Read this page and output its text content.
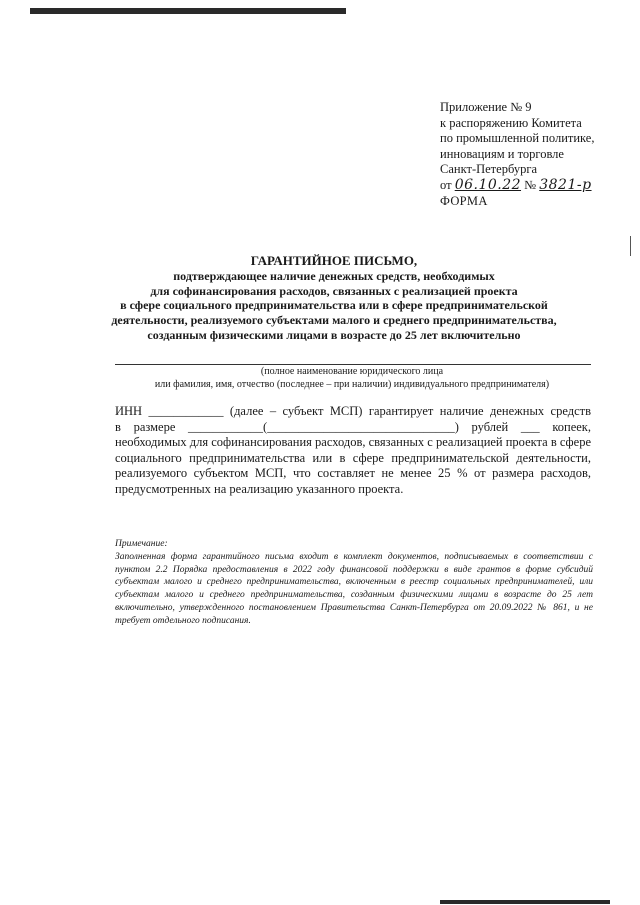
Приложение № 9
к распоряжению Комитета
по промышленной политике,
инновациям и торговле
Санкт-Петербурга
от 06.10.22 № 3821-р
ФОРМА
ГАРАНТИЙНОЕ ПИСЬМО,
подтверждающее наличие денежных средств, необходимых
для софинансирования расходов, связанных с реализацией проекта
в сфере социального предпринимательства или в сфере предпринимательской
деятельности, реализуемого субъектами малого и среднего предпринимательства,
созданным физическими лицами в возрасте до 25 лет включительно
(полное наименование юридического лица
или фамилия, имя, отчество (последнее – при наличии) индивидуального предпринимателя)
ИНН ____________ (далее – субъект МСП) гарантирует наличие денежных средств
в размере ____________(______________________________) рублей ___ копеек,
необходимых для софинансирования расходов, связанных с реализацией проекта в сфере
социального предпринимательства или в сфере предпринимательской деятельности,
реализуемого субъектом МСП, что составляет не менее 25 % от размера расходов,
предусмотренных на реализацию указанного проекта.
Примечание:
Заполненная форма гарантийного письма входит в комплект документов, подписываемых в соответствии с пунктом 2.2 Порядка предоставления в 2022 году финансовой поддержки в виде грантов в форме субсидий субъектам малого и среднего предпринимательства, включенным в реестр социальных предпринимателей, или субъектам малого и среднего предпринимательства, созданным физическими лицами в возрасте до 25 лет включительно, утвержденного постановлением Правительства Санкт-Петербурга от 20.09.2022 № 861, и не требует отдельного подписания.
